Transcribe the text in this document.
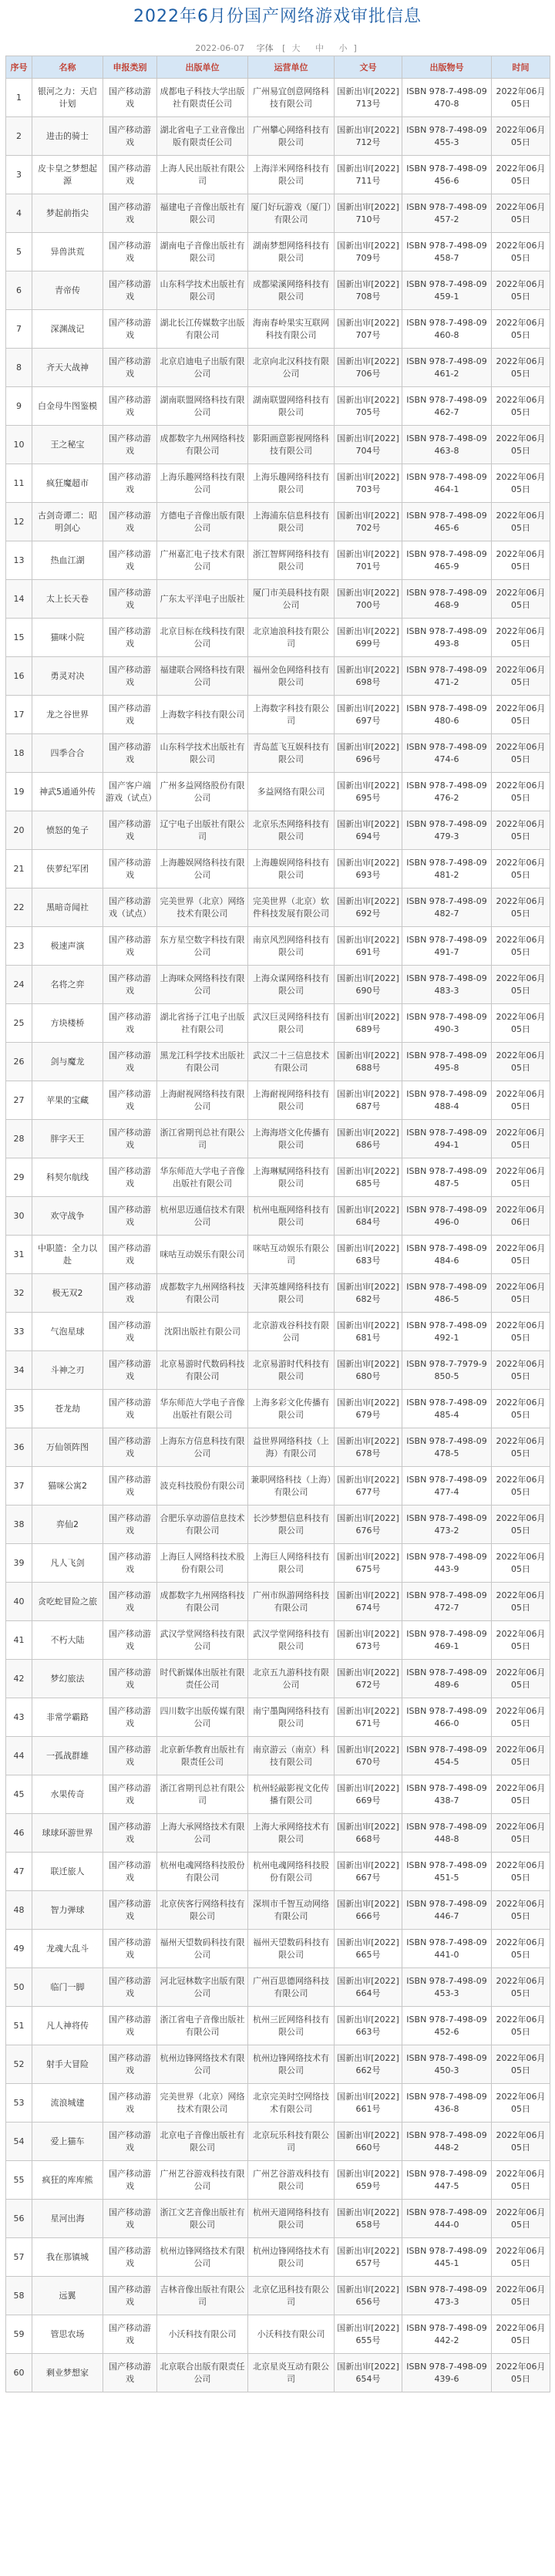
2022年6月份国产网络游戏审批信息
2022-06-07 字体 [ 大 中 小 ]
序号	名称	申报类别	出版单位	运营单位	文号	出版物号	时间
1	银河之力：天启计划	国产移动游戏	成都电子科技大学出版社有限责任公司	广州易宜创意网络科技有限公司	国新出审[2022]713号	ISBN 978-7-498-09470-8	2022年06月05日
2	进击的骑士	国产移动游戏	湖北省电子工业音像出版有限责任公司	广州攀心网络科技有限公司	国新出审[2022]712号	ISBN 978-7-498-09455-3	2022年06月05日
3	皮卡皇之梦想起源	国产移动游戏	上海人民出版社有限公司	上海洋米网络科技有限公司	国新出审[2022]711号	ISBN 978-7-498-09456-6	2022年06月05日
4	梦起前指尖	国产移动游戏	福建电子音像出版社有限公司	厦门好玩游戏（厦门）有限公司	国新出审[2022]710号	ISBN 978-7-498-09457-2	2022年06月05日
5	异兽洪荒	国产移动游戏	湖南电子音像出版社有限公司	湖南梦想网络科技有限公司	国新出审[2022]709号	ISBN 978-7-498-09458-7	2022年06月05日
6	青帝传	国产移动游戏	山东科学技术出版社有限公司	成都梁溪网络科技有限公司	国新出审[2022]708号	ISBN 978-7-498-09459-1	2022年06月05日
7	深渊战记	国产移动游戏	湖北长江传媒数字出版有限公司	海南春岭果实互联网科技有限公司	国新出审[2022]707号	ISBN 978-7-498-09460-8	2022年06月05日
8	齐天大战神	国产移动游戏	北京启迪电子出版有限公司	北京向北汉科技有限公司	国新出审[2022]706号	ISBN 978-7-498-09461-2	2022年06月05日
9	白金母牛图鉴模	国产移动游戏	湖南联盟网络科技有限公司	湖南联盟网络科技有限公司	国新出审[2022]705号	ISBN 978-7-498-09462-7	2022年06月05日
10	王之秘宝	国产移动游戏	成都数字九州网络科技有限公司	影阳画意影视网络科技有限公司	国新出审[2022]704号	ISBN 978-7-498-09463-8	2022年06月05日
11	疯狂魔超市	国产移动游戏	上海乐趣网络科技有限公司	上海乐趣网络科技有限公司	国新出审[2022]703号	ISBN 978-7-498-09464-1	2022年06月05日
12	古剑奇谭二：昭明剑心	国产移动游戏	方德电子音像出版有限公司	上海浦东信息科技有限公司	国新出审[2022]702号	ISBN 978-7-498-09465-6	2022年06月05日
13	热血江湖	国产移动游戏	广州嘉汇电子技术有限公司	浙江智辉网络科技有限公司	国新出审[2022]701号	ISBN 978-7-498-09465-9	2022年06月05日
14	太上长天卷	国产移动游戏	广东太平洋电子出版社	厦门市美晨科技有限公司	国新出审[2022]700号	ISBN 978-7-498-09468-9	2022年06月05日
15	猫咪小院	国产移动游戏	北京目标在线科技有限公司	北京迪浪科技有限公司	国新出审[2022]699号	ISBN 978-7-498-09493-8	2022年06月05日
16	勇灵对决	国产移动游戏	福建联合网络科技有限公司	福州金色网络科技有限公司	国新出审[2022]698号	ISBN 978-7-498-09471-2	2022年06月05日
17	龙之谷世界	国产移动游戏	上海数字科技有限公司	上海数字科技有限公司	国新出审[2022]697号	ISBN 978-7-498-09480-6	2022年06月05日
18	四季合合	国产移动游戏	山东科学技术出版社有限公司	青岛蓝飞互娱科技有限公司	国新出审[2022]696号	ISBN 978-7-498-09474-6	2022年06月05日
19	神武5通通外传	国产客户端游戏（试点）	广州多益网络股份有限公司	多益网络有限公司	国新出审[2022]695号	ISBN 978-7-498-09476-2	2022年06月05日
20	愤怒的兔子	国产移动游戏	辽宁电子出版社有限公司	北京乐杰网络科技有限公司	国新出审[2022]694号	ISBN 978-7-498-09479-3	2022年06月05日
21	侠萝纪军团	国产移动游戏	上海趣娱网络科技有限公司	上海趣娱网络科技有限公司	国新出审[2022]693号	ISBN 978-7-498-09481-2	2022年06月05日
22	黑暗奇闻社	国产移动游戏（试点）	完美世界（北京）网络技术有限公司	完美世界（北京）软件科技发展有限公司	国新出审[2022]692号	ISBN 978-7-498-09482-7	2022年06月05日
23	极速声演	国产移动游戏	东方星空数字科技有限公司	南京风烈网络科技有限公司	国新出审[2022]691号	ISBN 978-7-498-09491-7	2022年06月05日
24	名将之弈	国产移动游戏	上海咪众网络科技有限公司	上海众谋网络科技有限公司	国新出审[2022]690号	ISBN 978-7-498-09483-3	2022年06月05日
25	方块楼桥	国产移动游戏	湖北省扬子江电子出版社有限公司	武汉巨灵网络科技有限公司	国新出审[2022]689号	ISBN 978-7-498-09490-3	2022年06月05日
26	剑与魔龙	国产移动游戏	黑龙江科学技术出版社有限公司	武汉二十三信息技术有限公司	国新出审[2022]688号	ISBN 978-7-498-09495-8	2022年06月05日
27	苹果的宝藏	国产移动游戏	上海耐视网络科技有限公司	上海耐视网络科技有限公司	国新出审[2022]687号	ISBN 978-7-498-09488-4	2022年06月05日
28	胖字天王	国产移动游戏	浙江省期刊总社有限公司	上海海塔文化传播有限公司	国新出审[2022]686号	ISBN 978-7-498-09494-1	2022年06月05日
29	科契尔航线	国产移动游戏	华东师范大学电子音像出版社有限公司	上海琳赋网络科技有限公司	国新出审[2022]685号	ISBN 978-7-498-09487-5	2022年06月05日
30	欢守战争	国产移动游戏	杭州思迈通信技术有限公司	杭州电瓶网络科技有限公司	国新出审[2022]684号	ISBN 978-7-498-09496-0	2022年06月06日
31	中职篮：全力以赴	国产移动游戏	咪咕互动娱乐有限公司	咪咕互动娱乐有限公司	国新出审[2022]683号	ISBN 978-7-498-09484-6	2022年06月05日
32	极无双2	国产移动游戏	成都数字九州网络科技有限公司	天津英雄网络科技有限公司	国新出审[2022]682号	ISBN 978-7-498-09486-5	2022年06月05日
33	气泡星球	国产移动游戏	沈阳出版社有限公司	北京游戏谷科技有限公司	国新出审[2022]681号	ISBN 978-7-498-09492-1	2022年06月05日
34	斗神之刃	国产移动游戏	北京易游时代数码科技有限公司	北京易游时代科技有限公司	国新出审[2022]680号	ISBN 978-7-7979-9850-5	2022年06月05日
35	苍龙劫	国产移动游戏	华东师范大学电子音像出版社有限公司	上海多彩文化传播有限公司	国新出审[2022]679号	ISBN 978-7-498-09485-4	2022年06月05日
36	万仙领阵图	国产移动游戏	上海东方信息科技有限公司	益世界网络科技（上海）有限公司	国新出审[2022]678号	ISBN 978-7-498-09478-5	2022年06月05日
37	猫咪公寓2	国产移动游戏	波克科技股份有限公司	兼职网络科技（上海）有限公司	国新出审[2022]677号	ISBN 978-7-498-09477-4	2022年06月05日
38	弈仙2	国产移动游戏	合肥乐享动游信息技术有限公司	长沙梦想信息科技有限公司	国新出审[2022]676号	ISBN 978-7-498-09473-2	2022年06月05日
39	凡人飞剑	国产移动游戏	上海巨人网络科技术股份有限公司	上海巨人网络科技有限公司	国新出审[2022]675号	ISBN 978-7-498-09443-9	2022年06月05日
40	贪吃蛇冒险之旅	国产移动游戏	成都数字九州网络科技有限公司	广州市纵游网络科技有限公司	国新出审[2022]674号	ISBN 978-7-498-09472-7	2022年06月05日
41	不朽大陆	国产移动游戏	武汉学堂网络科技有限公司	武汉学堂网络科技有限公司	国新出审[2022]673号	ISBN 978-7-498-09469-1	2022年06月05日
42	梦幻旅法	国产移动游戏	时代新媒体出版社有限责任公司	北京五九游科技有限公司	国新出审[2022]672号	ISBN 978-7-498-09489-6	2022年06月05日
43	非常学霸路	国产移动游戏	四川数字出版传媒有限公司	南宁墨陶网络科技有限公司	国新出审[2022]671号	ISBN 978-7-498-09466-0	2022年06月05日
44	一孤战群雄	国产移动游戏	北京新华教育出版社有限责任公司	南京游云（南京）科技有限公司	国新出审[2022]670号	ISBN 978-7-498-09454-5	2022年06月05日
45	水果传奇	国产移动游戏	浙江省期刊总社有限公司	杭州轻敲影视文化传播有限公司	国新出审[2022]669号	ISBN 978-7-498-09438-7	2022年06月05日
46	球球环游世界	国产移动游戏	上海大承网络技术有限公司	上海大承网络技术有限公司	国新出审[2022]668号	ISBN 978-7-498-09448-8	2022年06月05日
47	联迁旅人	国产移动游戏	杭州电魂网络科技股份有限公司	杭州电魂网络科技股份有限公司	国新出审[2022]667号	ISBN 978-7-498-09451-5	2022年06月05日
48	智力弹球	国产移动游戏	北京侠客行网络科技有限公司	深圳市千智互动网络有限公司	国新出审[2022]666号	ISBN 978-7-498-09446-7	2022年06月05日
49	龙魂大乱斗	国产移动游戏	福州天望数码科技有限公司	福州天望数码科技有限公司	国新出审[2022]665号	ISBN 978-7-498-09441-0	2022年06月05日
50	临门一脚	国产移动游戏	河北冠林数字出版有限公司	广州百思德网络科技有限公司	国新出审[2022]664号	ISBN 978-7-498-09453-3	2022年06月05日
51	凡人神将传	国产移动游戏	浙江省电子音像出版社有限公司	杭州三匠网络科技有限公司	国新出审[2022]663号	ISBN 978-7-498-09452-6	2022年06月05日
52	射手大冒险	国产移动游戏	杭州边锋网络技术有限公司	杭州边锋网络技术有限公司	国新出审[2022]662号	ISBN 978-7-498-09450-3	2022年06月05日
53	流浪城建	国产移动游戏	完美世界（北京）网络技术有限公司	北京完美时空网络技术有限公司	国新出审[2022]661号	ISBN 978-7-498-09436-8	2022年06月05日
54	爱上猫车	国产移动游戏	北京电子音像出版社有限公司	北京玩乐科技有限公司	国新出审[2022]660号	ISBN 978-7-498-09448-2	2022年06月05日
55	疯狂的库库熊	国产移动游戏	广州艺谷游戏科技有限公司	广州艺谷游戏科技有限公司	国新出审[2022]659号	ISBN 978-7-498-09447-5	2022年06月05日
56	星河出海	国产移动游戏	浙江文艺音像出版社有限公司	杭州天道网络科技有限公司	国新出审[2022]658号	ISBN 978-7-498-09444-0	2022年06月05日
57	我在那镇城	国产移动游戏	杭州边锋网络技术有限公司	杭州边锋网络技术有限公司	国新出审[2022]657号	ISBN 978-7-498-09445-1	2022年06月05日
58	远翼	国产移动游戏	吉林音像出版社有限公司	北京亿迅科技有限公司	国新出审[2022]656号	ISBN 978-7-498-09473-3	2022年06月05日
59	管思农场	国产移动游戏	小沃科技有限公司	小沃科技有限公司	国新出审[2022]655号	ISBN 978-7-498-09442-2	2022年06月05日
60	剩业梦想家	国产移动游戏	北京联合出版有限责任公司	北京星炎互动有限公司	国新出审[2022]654号	ISBN 978-7-498-09439-6	2022年06月05日
